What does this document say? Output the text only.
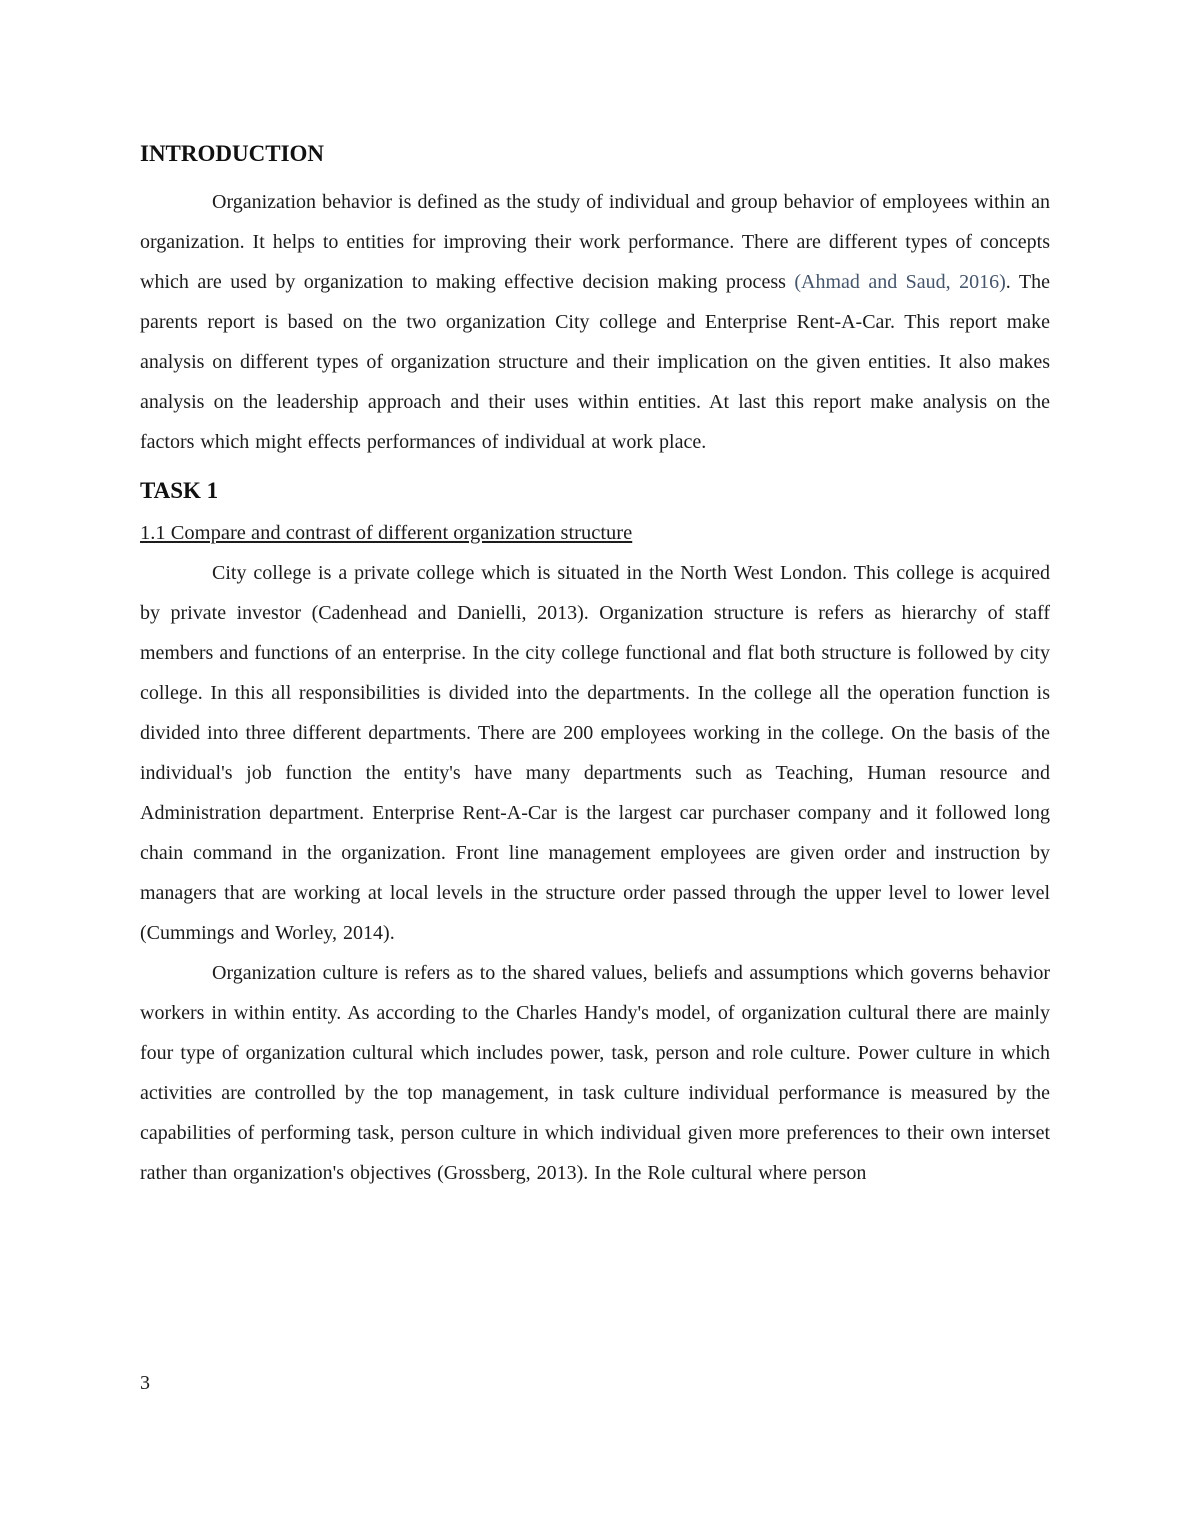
INTRODUCTION

Organization behavior is defined as the study of individual and group behavior of employees within an organization. It helps to entities for improving their work performance. There are different types of concepts which are used by organization to making effective decision making process (Ahmad and Saud, 2016). The parents report is based on the two organization City college and Enterprise Rent-A-Car. This report make analysis on different types of organization structure and their implication on the given entities. It also makes analysis on the leadership approach and their uses within entities. At last this report make analysis on the factors which might effects performances of individual at work place.

TASK 1
1.1 Compare and contrast of different organization structure

City college is a private college which is situated in the North West London. This college is acquired by private investor (Cadenhead and Danielli, 2013). Organization structure is refers as hierarchy of staff members and functions of an enterprise. In the city college functional and flat both structure is followed by city college. In this all responsibilities is divided into the departments. In the college all the operation function is divided into three different departments. There are 200 employees working in the college. On the basis of the individual's job function the entity's have many departments such as Teaching, Human resource and Administration department. Enterprise Rent-A-Car is the largest car purchaser company and it followed long chain command in the organization. Front line management employees are given order and instruction by managers that are working at local levels in the structure order passed through the upper level to lower level (Cummings and Worley, 2014).

Organization culture is refers as to the shared values, beliefs and assumptions which governs behavior workers in within entity. As according to the Charles Handy's model, of organization cultural there are mainly four type of organization cultural which includes power, task, person and role culture. Power culture in which activities are controlled by the top management, in task culture individual performance is measured by the capabilities of performing task, person culture in which individual given more preferences to their own interset rather than organization's objectives (Grossberg, 2013). In the Role cultural where person

3
